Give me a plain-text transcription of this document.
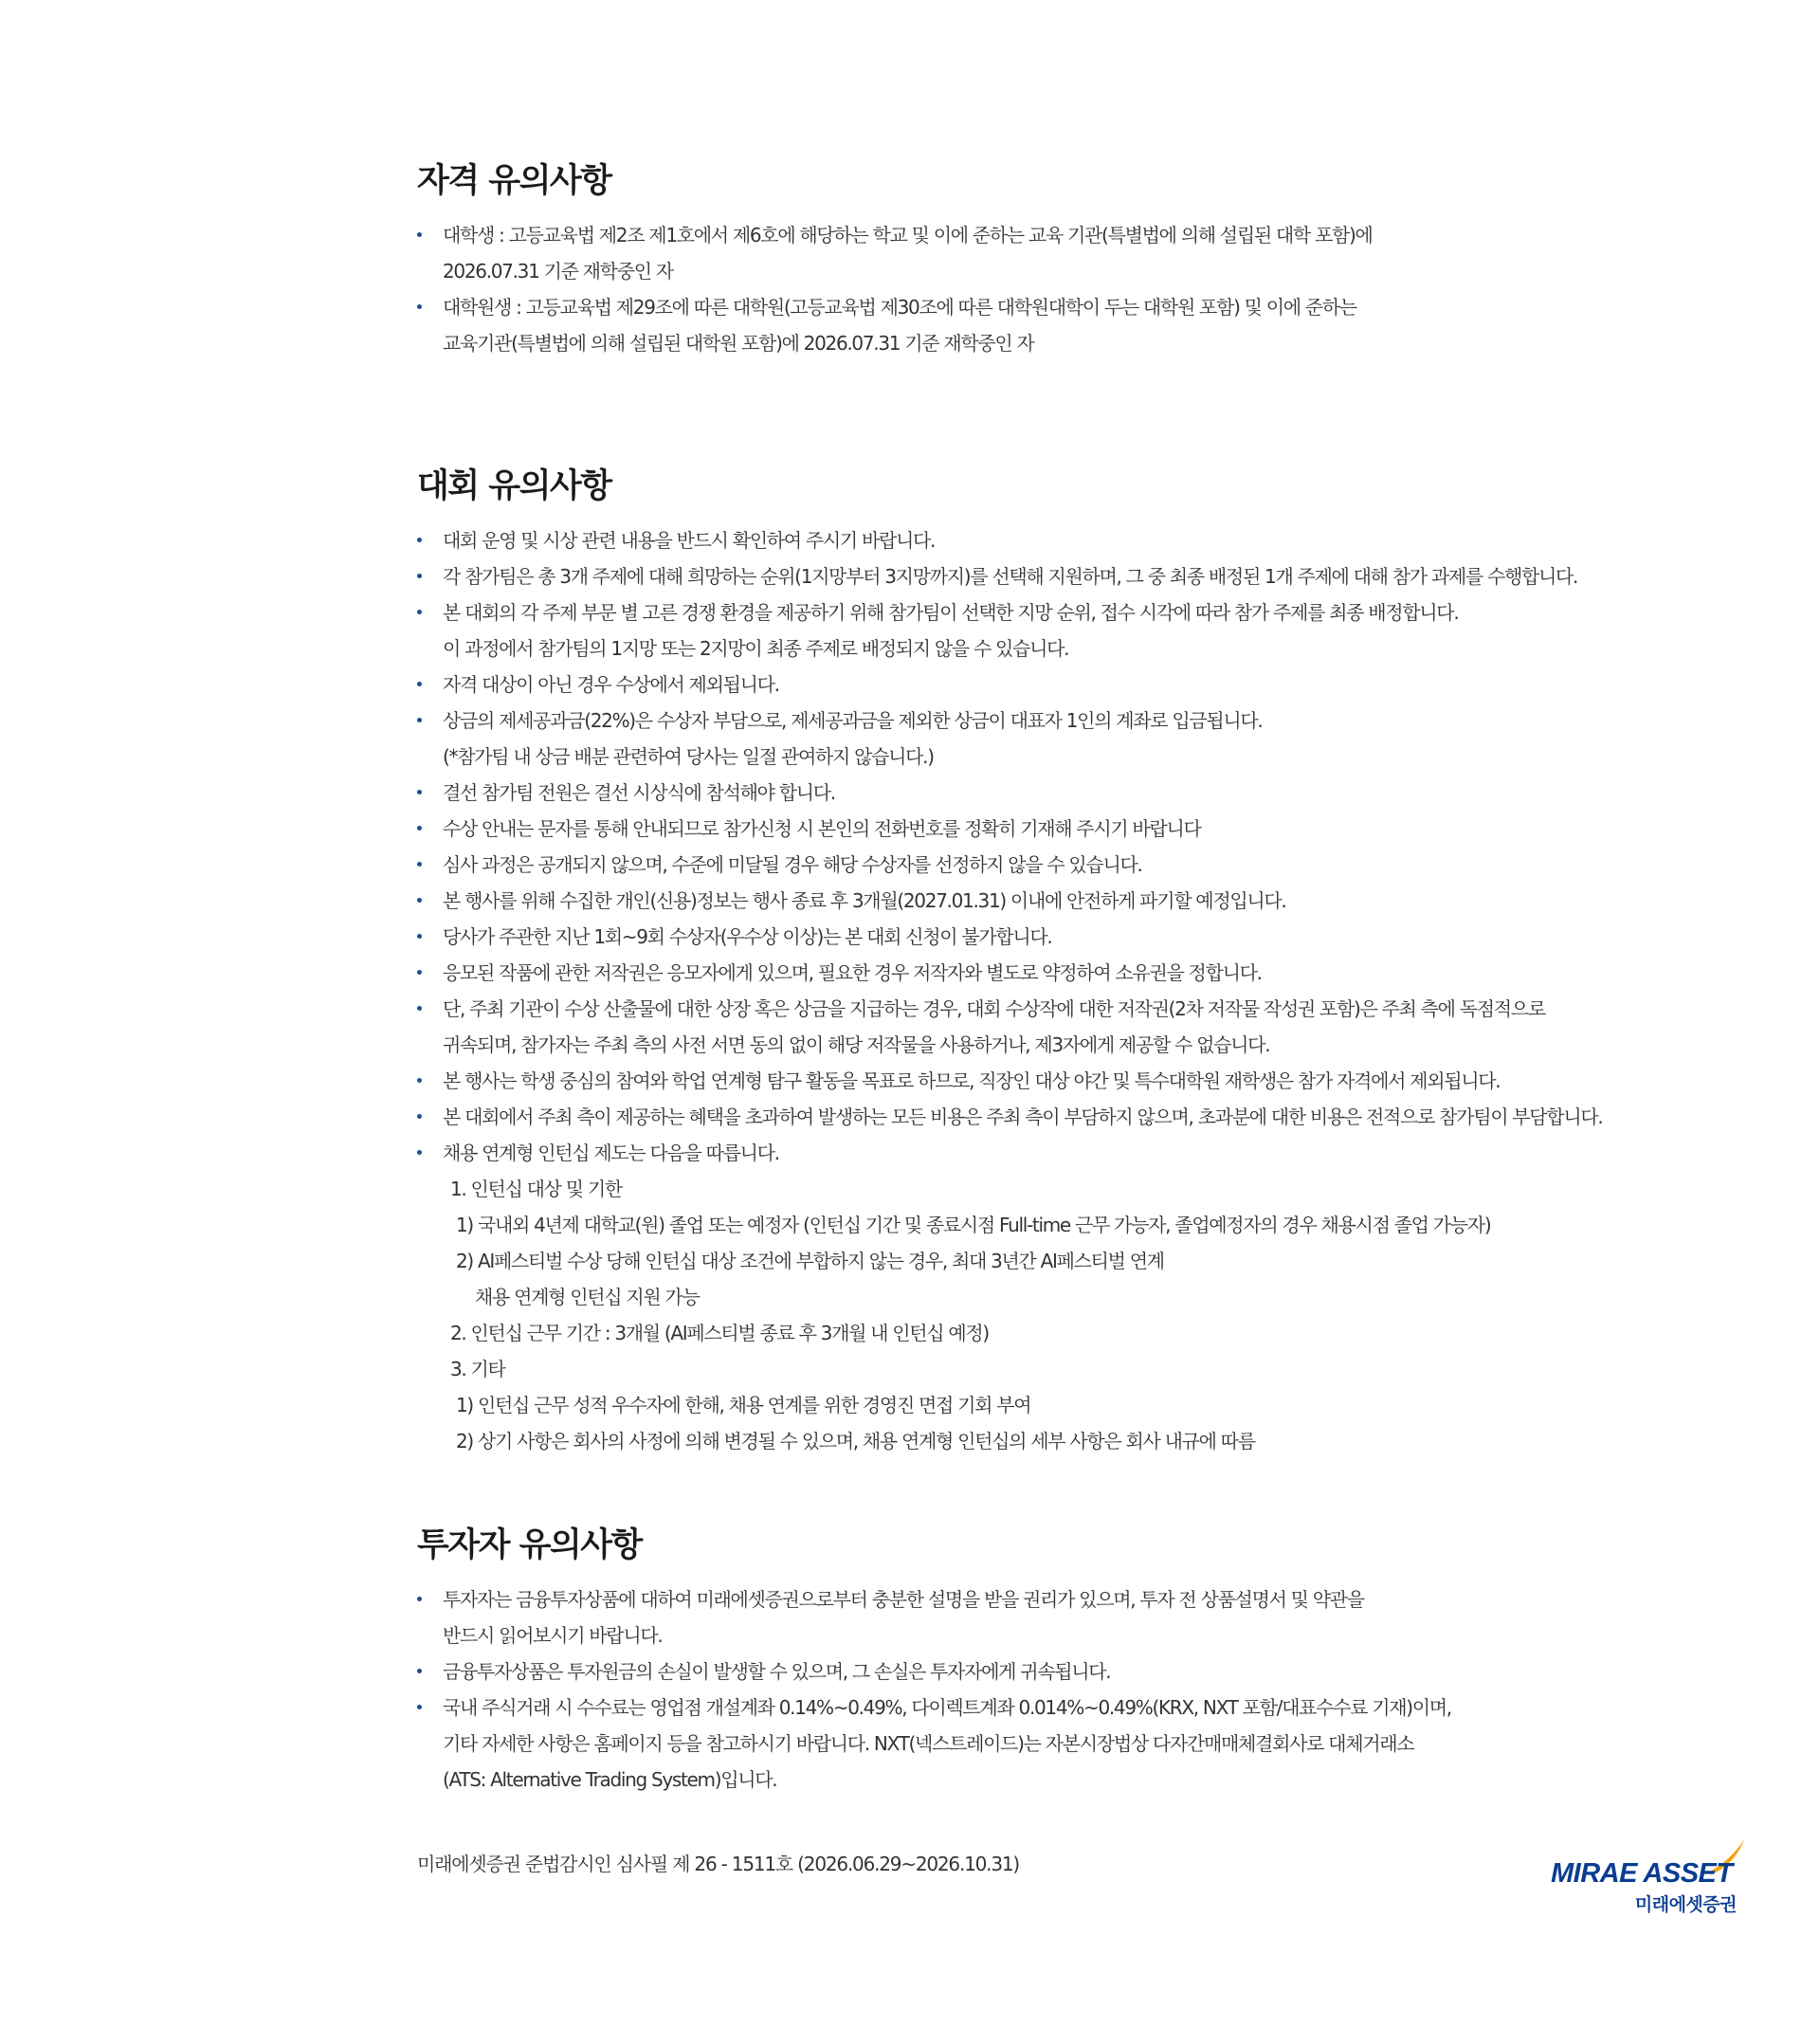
자격 유의사항
대학생 : 고등교육법 제2조 제1호에서 제6호에 해당하는 학교 및 이에 준하는 교육 기관(특별법에 의해 설립된 대학 포함)에
2026.07.31 기준 재학중인 자
대학원생 : 고등교육법 제29조에 따른 대학원(고등교육법 제30조에 따른 대학원대학이 두는 대학원 포함) 및 이에 준하는
교육기관(특별법에 의해 설립된 대학원 포함)에 2026.07.31 기준 재학중인 자
대회 유의사항
대회 운영 및 시상 관련 내용을 반드시 확인하여 주시기 바랍니다.
각 참가팀은 총 3개 주제에 대해 희망하는 순위(1지망부터 3지망까지)를 선택해 지원하며, 그 중 최종 배정된 1개 주제에 대해 참가 과제를 수행합니다.
본 대회의 각 주제 부문 별 고른 경쟁 환경을 제공하기 위해 참가팀이 선택한 지망 순위, 접수 시각에 따라 참가 주제를 최종 배정합니다.
이 과정에서 참가팀의 1지망 또는 2지망이 최종 주제로 배정되지 않을 수 있습니다.
자격 대상이 아닌 경우 수상에서 제외됩니다.
상금의 제세공과금(22%)은 수상자 부담으로, 제세공과금을 제외한 상금이 대표자 1인의 계좌로 입금됩니다.
(*참가팀 내 상금 배분 관련하여 당사는 일절 관여하지 않습니다.)
결선 참가팀 전원은 결선 시상식에 참석해야 합니다.
수상 안내는 문자를 통해 안내되므로 참가신청 시 본인의 전화번호를 정확히 기재해 주시기 바랍니다
심사 과정은 공개되지 않으며, 수준에 미달될 경우 해당 수상자를 선정하지 않을 수 있습니다.
본 행사를 위해 수집한 개인(신용)정보는 행사 종료 후 3개월(2027.01.31) 이내에 안전하게 파기할 예정입니다.
당사가 주관한 지난 1회~9회 수상자(우수상 이상)는 본 대회 신청이 불가합니다.
응모된 작품에 관한 저작권은 응모자에게 있으며, 필요한 경우 저작자와 별도로 약정하여 소유권을 정합니다.
단, 주최 기관이 수상 산출물에 대한 상장 혹은 상금을 지급하는 경우, 대회 수상작에 대한 저작권(2차 저작물 작성권 포함)은 주최 측에 독점적으로
귀속되며, 참가자는 주최 측의 사전 서면 동의 없이 해당 저작물을 사용하거나, 제3자에게 제공할 수 없습니다.
본 행사는 학생 중심의 참여와 학업 연계형 탐구 활동을 목표로 하므로, 직장인 대상 야간 및 특수대학원 재학생은 참가 자격에서 제외됩니다.
본 대회에서 주최 측이 제공하는 혜택을 초과하여 발생하는 모든 비용은 주최 측이 부담하지 않으며, 초과분에 대한 비용은 전적으로 참가팀이 부담합니다.
채용 연계형 인턴십 제도는 다음을 따릅니다.
1. 인턴십 대상 및 기한
1) 국내외 4년제 대학교(원) 졸업 또는 예정자 (인턴십 기간 및 종료시점 Full-time 근무 가능자, 졸업예정자의 경우 채용시점 졸업 가능자)
2) AI페스티벌 수상 당해 인턴십 대상 조건에 부합하지 않는 경우, 최대 3년간 AI페스티벌 연계
채용 연계형 인턴십 지원 가능
2. 인턴십 근무 기간 : 3개월 (AI페스티벌 종료 후 3개월 내 인턴십 예정)
3. 기타
1) 인턴십 근무 성적 우수자에 한해, 채용 연계를 위한 경영진 면접 기회 부여
2) 상기 사항은 회사의 사정에 의해 변경될 수 있으며, 채용 연계형 인턴십의 세부 사항은 회사 내규에 따름
투자자 유의사항
투자자는 금융투자상품에 대하여 미래에셋증권으로부터 충분한 설명을 받을 권리가 있으며, 투자 전 상품설명서 및 약관을
반드시 읽어보시기 바랍니다.
금융투자상품은 투자원금의 손실이 발생할 수 있으며, 그 손실은 투자자에게 귀속됩니다.
국내 주식거래 시 수수료는 영업점 개설계좌 0.14%~0.49%, 다이렉트계좌 0.014%~0.49%(KRX, NXT 포함/대표수수료 기재)이며,
기타 자세한 사항은 홈페이지 등을 참고하시기 바랍니다. NXT(넥스트레이드)는 자본시장법상 다자간매매체결회사로 대체거래소
(ATS: Alternative Trading System)입니다.
미래에셋증권 준법감시인 심사필 제 26 - 1511호 (2026.06.29~2026.10.31)	MIRAE ASSET
미래에셋증권
